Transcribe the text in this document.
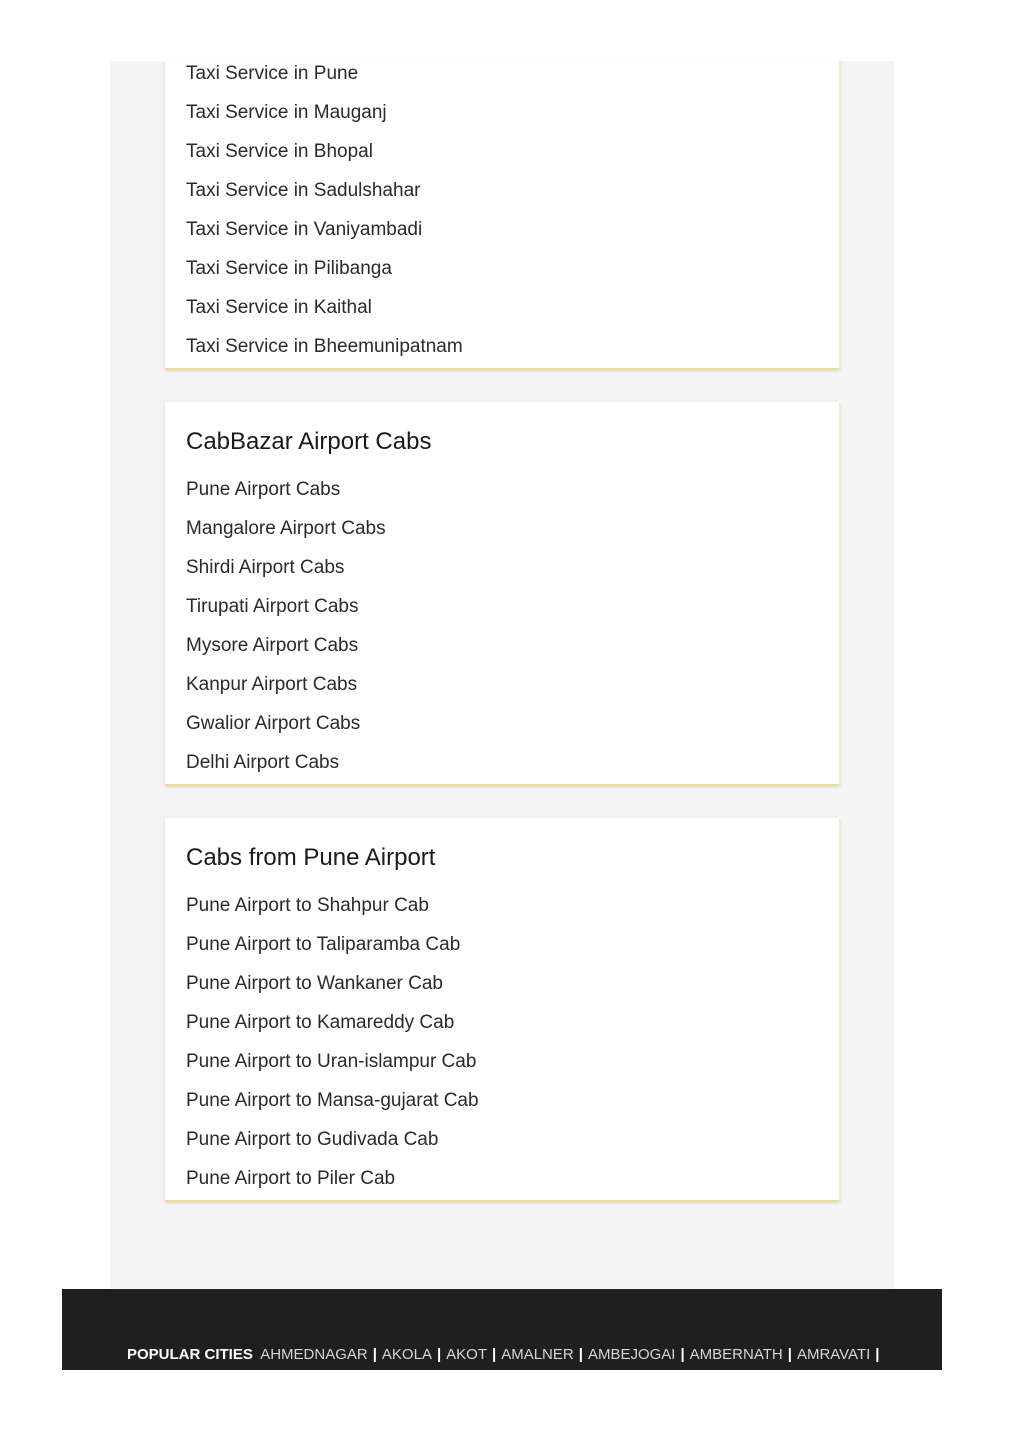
Taxi Service in Pune
Taxi Service in Mauganj
Taxi Service in Bhopal
Taxi Service in Sadulshahar
Taxi Service in Vaniyambadi
Taxi Service in Pilibanga
Taxi Service in Kaithal
Taxi Service in Bheemunipatnam
CabBazar Airport Cabs
Pune Airport Cabs
Mangalore Airport Cabs
Shirdi Airport Cabs
Tirupati Airport Cabs
Mysore Airport Cabs
Kanpur Airport Cabs
Gwalior Airport Cabs
Delhi Airport Cabs
Cabs from Pune Airport
Pune Airport to Shahpur Cab
Pune Airport to Taliparamba Cab
Pune Airport to Wankaner Cab
Pune Airport to Kamareddy Cab
Pune Airport to Uran-islampur Cab
Pune Airport to Mansa-gujarat Cab
Pune Airport to Gudivada Cab
Pune Airport to Piler Cab
POPULAR CITIES AHMEDNAGAR | AKOLA | AKOT | AMALNER | AMBEJOGAI | AMBERNATH | AMRAVATI |
